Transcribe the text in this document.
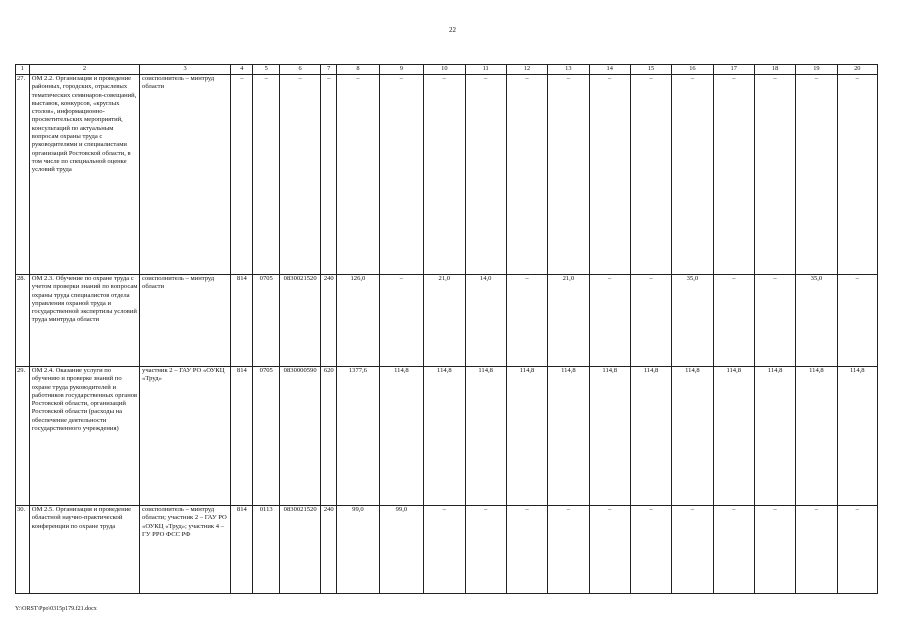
22
1	2	3	4	5	6	7	8	9	10	11	12	13	14	15	16	17	18	19	20
27.	ОМ 2.2. Организация и проведение районных, городских, отраслевых тематических семинаров-совещаний, выставок, конкурсов, «круглых столов», информационно-просветительских мероприятий, консультаций по актуальным вопросам охраны труда с руководителями и специалистами организаций Ростовской области, в том числе по специальной оценке условий труда	соисполнитель – минтруд области	–	–	–	–	–	–	–	–	–	–	–	–	–	–	–	–	–
28.	ОМ 2.3. Обучение по охране труда с учетом проверки знаний по вопросам охраны труда специалистов отдела управления охраной труда и государственной экспертизы условий труда минтруда области	соисполнитель – минтруд области	814	0705	0830021520	240	126,0	–	21,0	14,0	–	21,0	–	–	35,0	–	–	35,0	–
29.	ОМ 2.4. Оказание услуги по обучению и проверке знаний по охране труда руководителей и работников государственных органов Ростовской области, организаций Ростовской области (расходы на обеспечение деятельности государственного учреждения)	участник 2 – ГАУ РО «ОУКЦ «Труд»	814	0705	0830000590	620	1377,6	114,8	114,8	114,8	114,8	114,8	114,8	114,8	114,8	114,8	114,8	114,8	114,8
30.	ОМ 2.5. Организация и проведение областной научно-практической конференции по охране труда	соисполнитель – минтруд области; участник 2 – ГАУ РО «ОУКЦ «Труд»; участник 4 – ГУ РРО ФСС РФ	814	0113	0830021520	240	99,0	99,0	–	–	–	–	–	–	–	–	–	–	–
Y:\ORST\Ppo\0315p179.f21.docx
